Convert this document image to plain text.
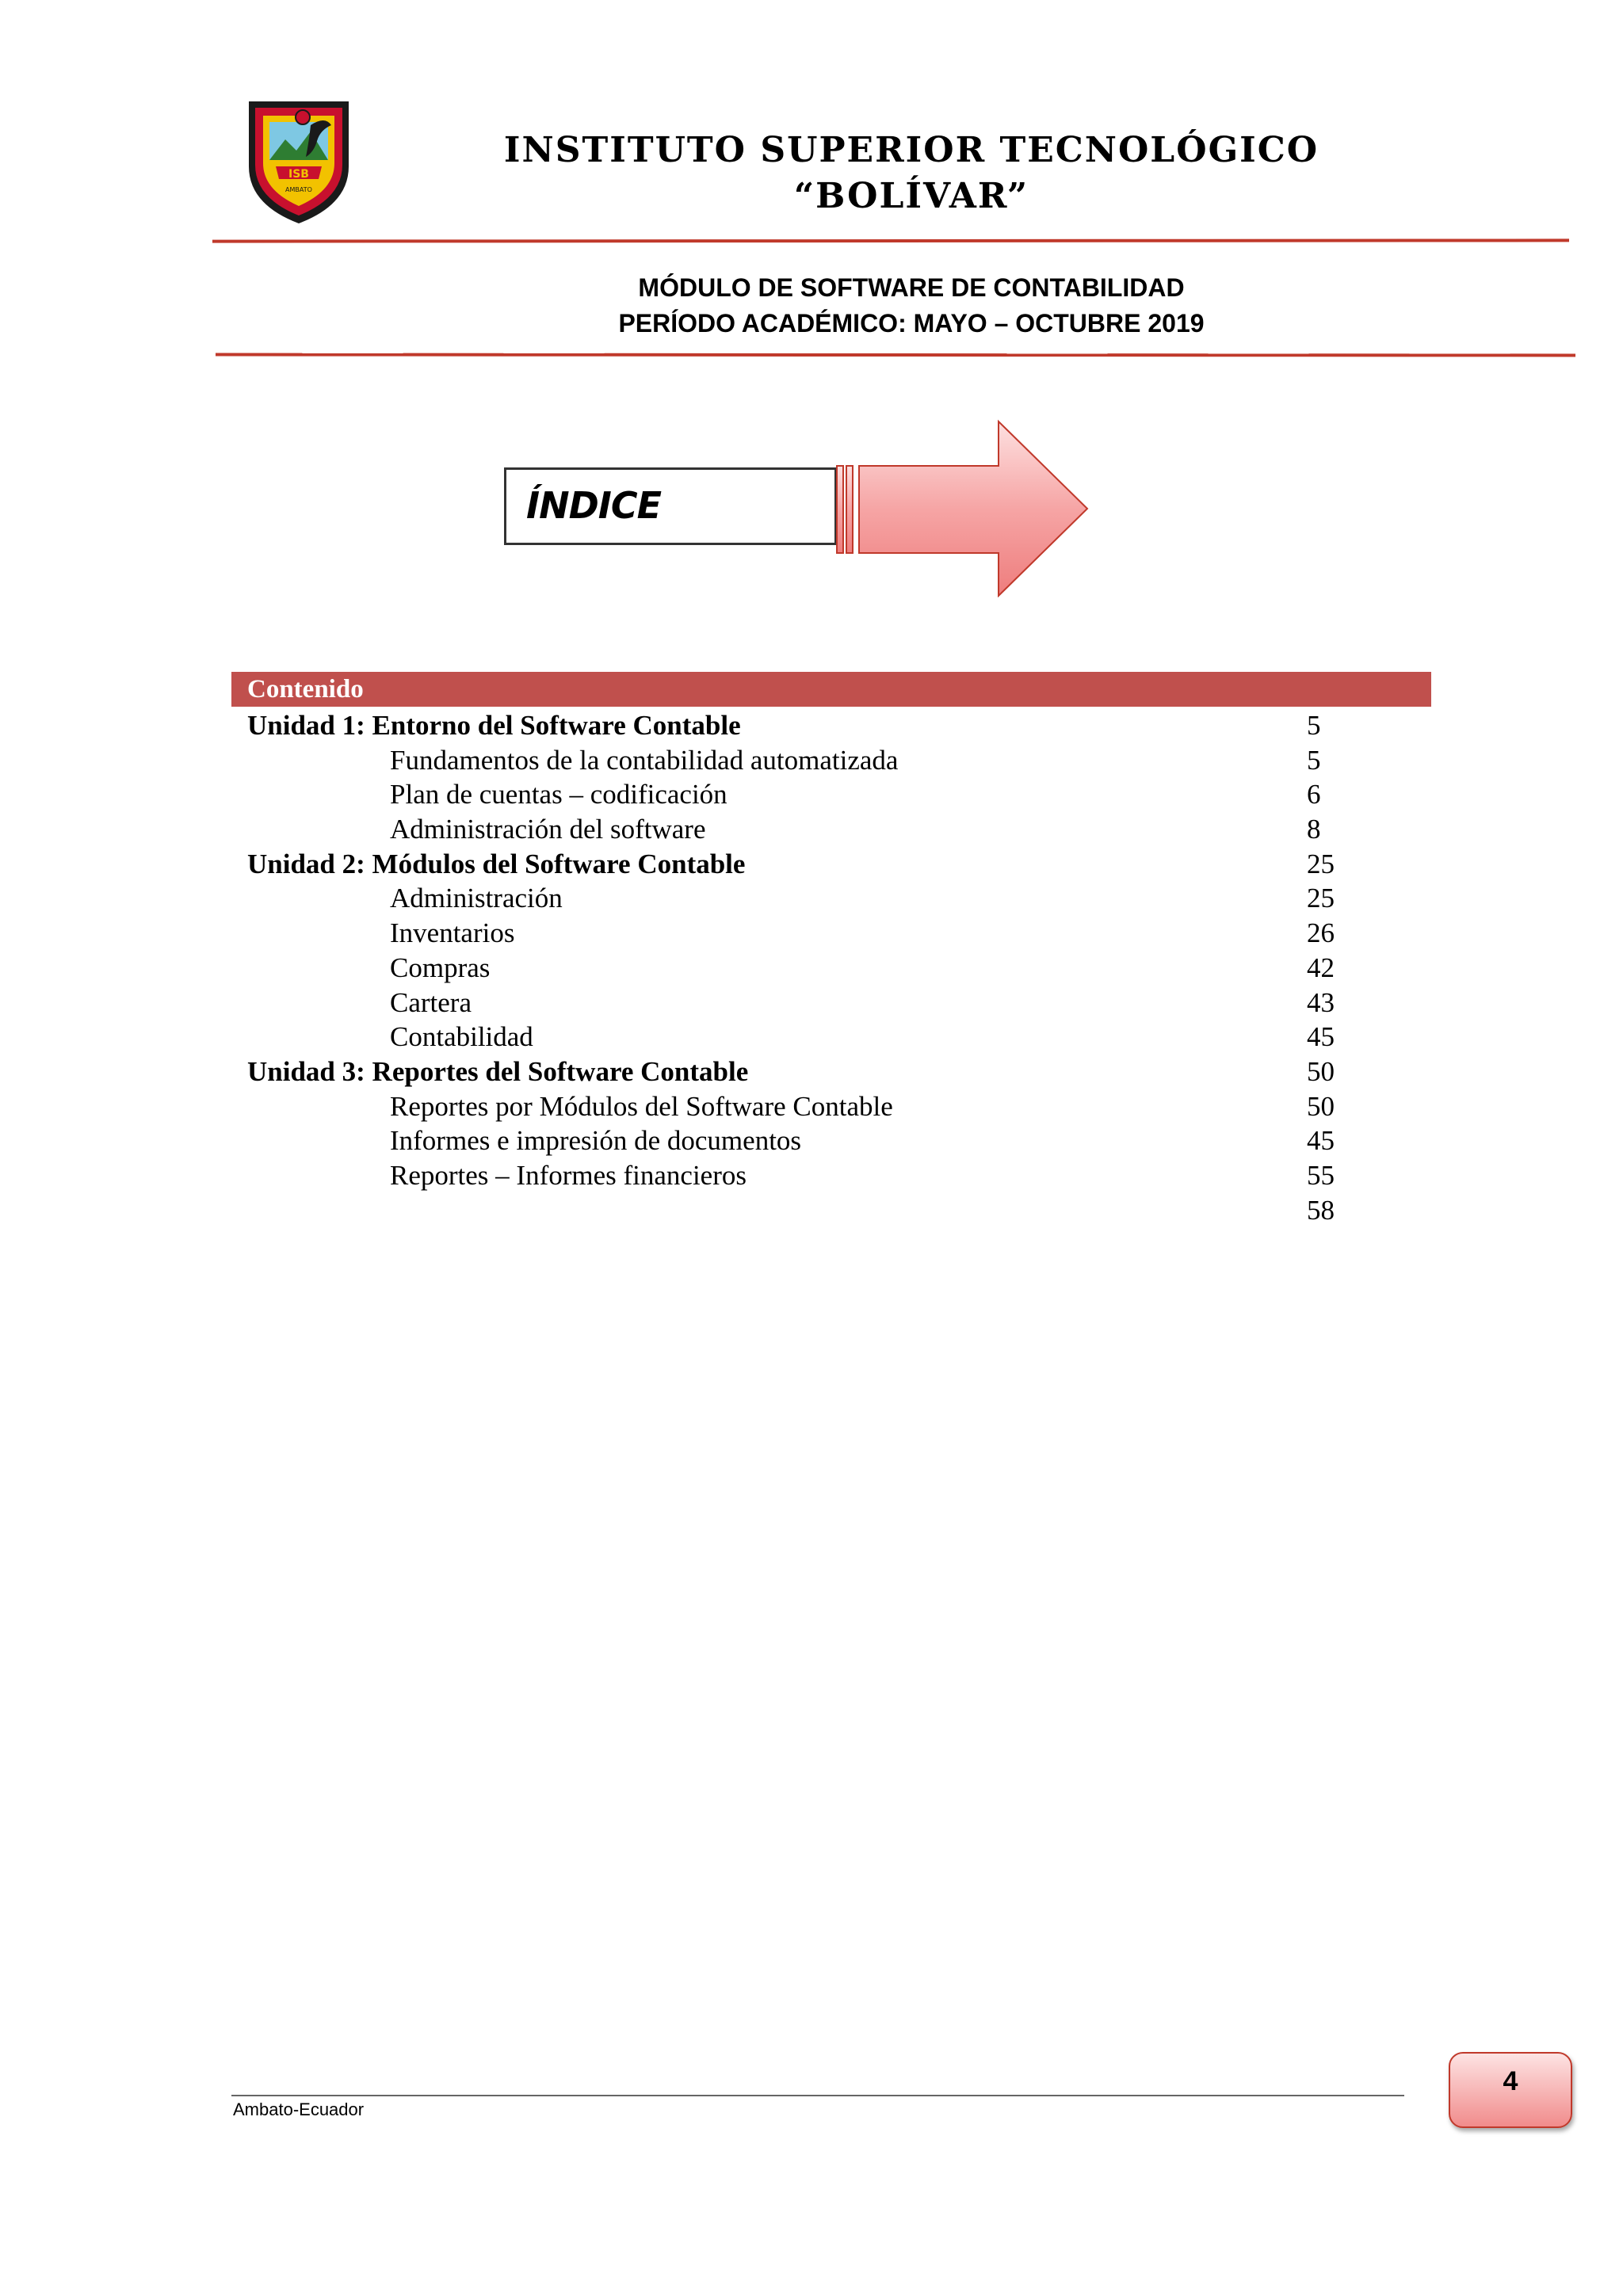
ISB
AMBATO
INSTITUTO SUPERIOR TECNOLÓGICO
“BOLÍVAR”
MÓDULO DE SOFTWARE DE CONTABILIDAD
PERÍODO ACADÉMICO: MAYO – OCTUBRE 2019
ÍNDICE
Contenido
Unidad 1: Entorno del Software Contable	5
Fundamentos de la contabilidad automatizada	5
Plan de cuentas – codificación	6
Administración del software	8
Unidad 2: Módulos del Software Contable	25
Administración	25
Inventarios	26
Compras	42
Cartera	43
Contabilidad	45
Unidad 3: Reportes del Software Contable	50
Reportes por Módulos del Software Contable	50
Informes e impresión de documentos	45
Reportes – Informes financieros	55
58
Ambato-Ecuador
4
